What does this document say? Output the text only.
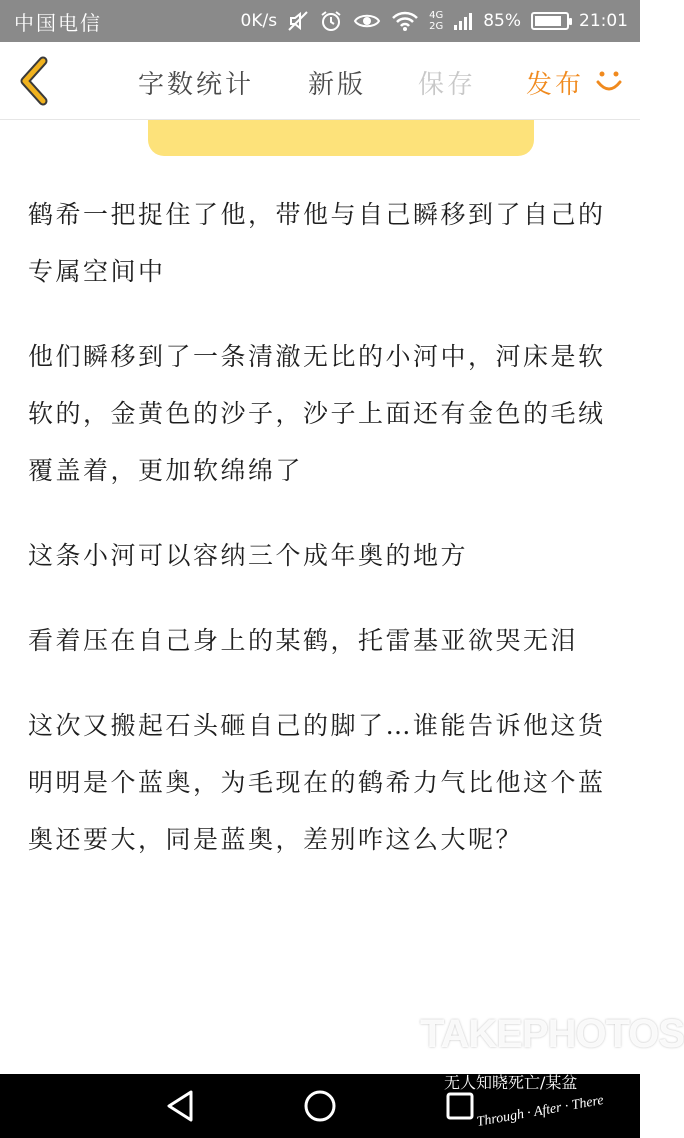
中国电信	0K/s	4G
2G 85%	21:01
字数统计 新版 保存 发布

鹤希一把捉住了他，带他与自己瞬移到了自己的专属空间中

他们瞬移到了一条清澈无比的小河中，河床是软软的，金黄色的沙子，沙子上面还有金色的毛绒覆盖着，更加软绵绵了

这条小河可以容纳三个成年奥的地方

看着压在自己身上的某鹤，托雷基亚欲哭无泪

这次又搬起石头砸自己的脚了…谁能告诉他这货明明是个蓝奥，为毛现在的鹤希力气比他这个蓝奥还要大，同是蓝奥，差别咋这么大呢？

TAKEPHOTOS
无人知晓死亡/某盆
Through · After · There
